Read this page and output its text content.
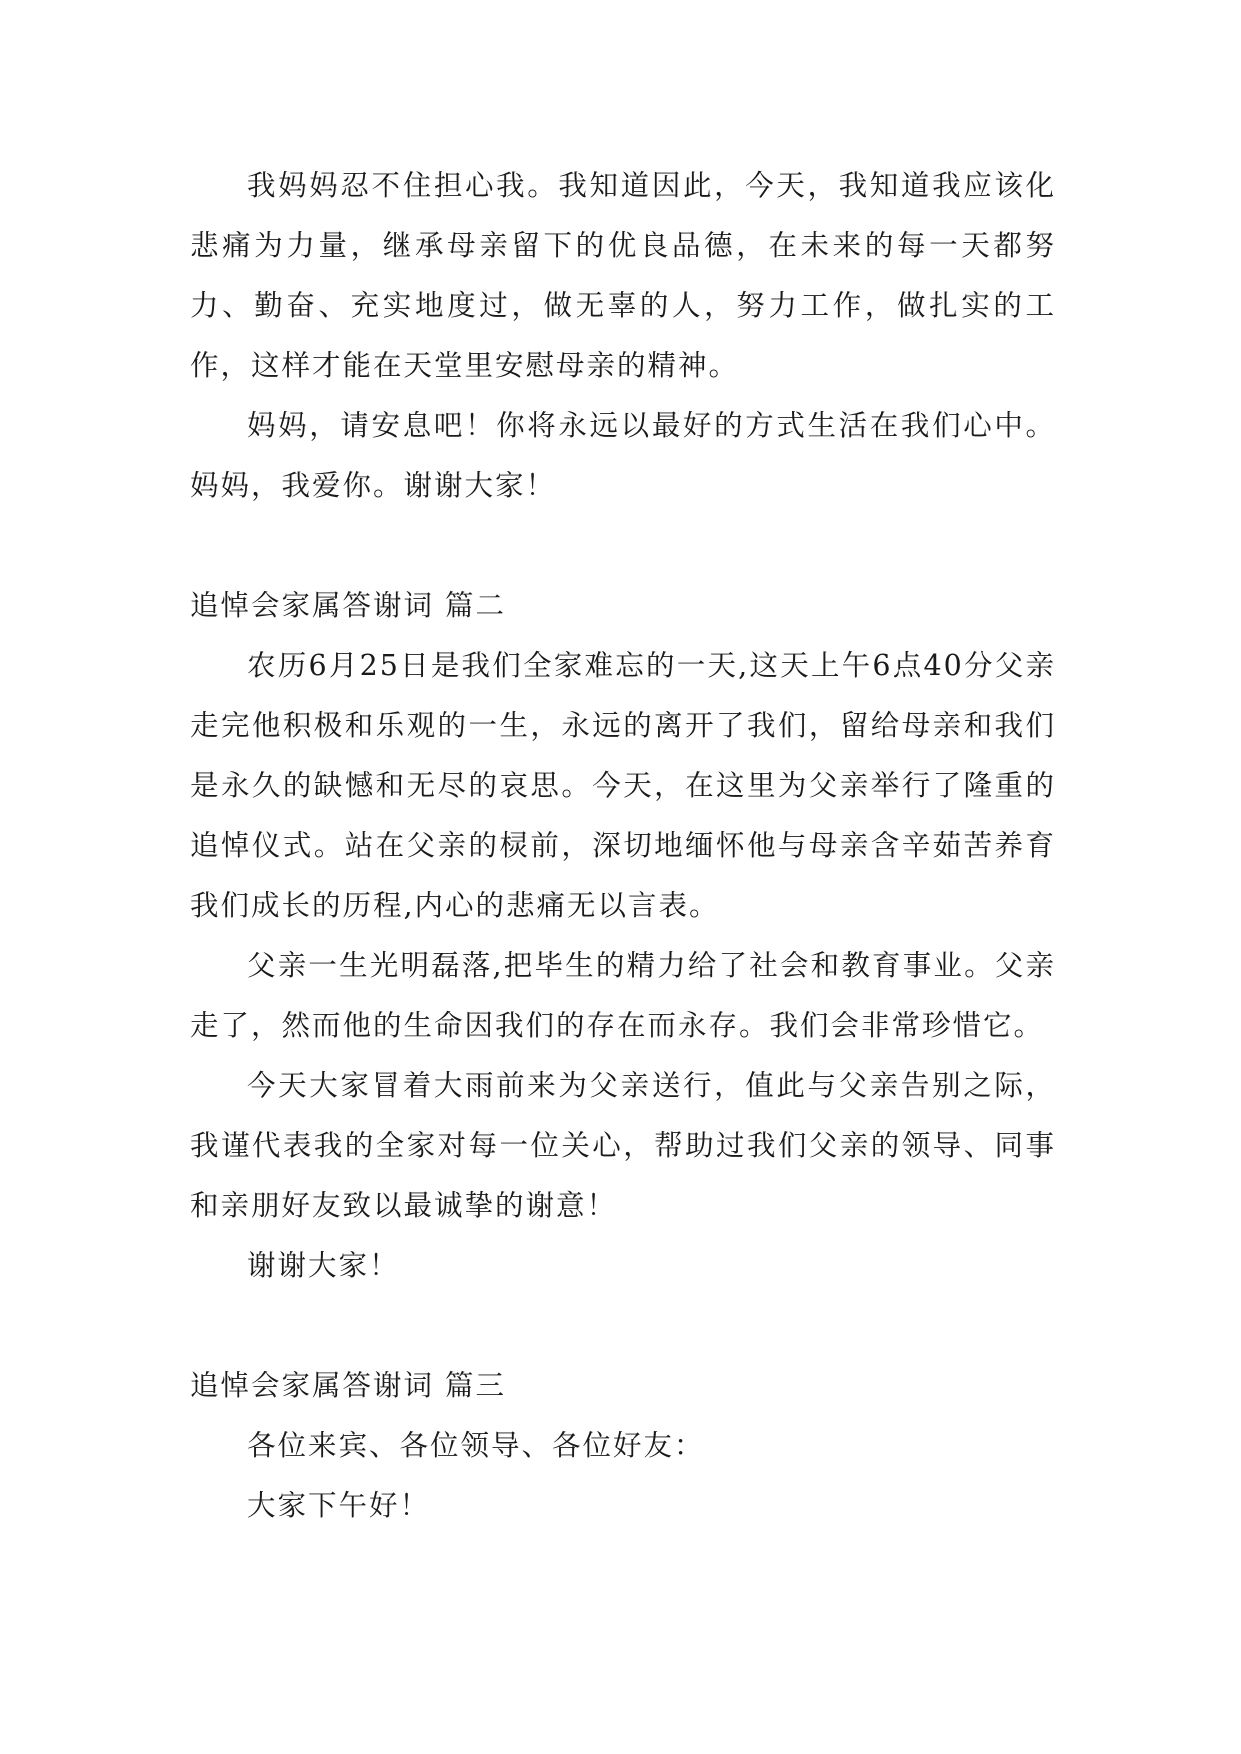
我妈妈忍不住担心我。我知道因此，今天，我知道我应该化悲痛为力量，继承母亲留下的优良品德，在未来的每一天都努力、勤奋、充实地度过，做无辜的人，努力工作，做扎实的工作，这样才能在天堂里安慰母亲的精神。

妈妈，请安息吧！你将永远以最好的方式生活在我们心中。妈妈，我爱你。谢谢大家！

追悼会家属答谢词 篇二

农历6月25日是我们全家难忘的一天,这天上午6点40分父亲走完他积极和乐观的一生，永远的离开了我们，留给母亲和我们是永久的缺憾和无尽的哀思。今天，在这里为父亲举行了隆重的追悼仪式。站在父亲的棂前，深切地缅怀他与母亲含辛茹苦养育我们成长的历程,内心的悲痛无以言表。

父亲一生光明磊落,把毕生的精力给了社会和教育事业。父亲走了，然而他的生命因我们的存在而永存。我们会非常珍惜它。

今天大家冒着大雨前来为父亲送行，值此与父亲告别之际，我谨代表我的全家对每一位关心，帮助过我们父亲的领导、同事和亲朋好友致以最诚挚的谢意！

谢谢大家！

追悼会家属答谢词 篇三

各位来宾、各位领导、各位好友：

大家下午好！
